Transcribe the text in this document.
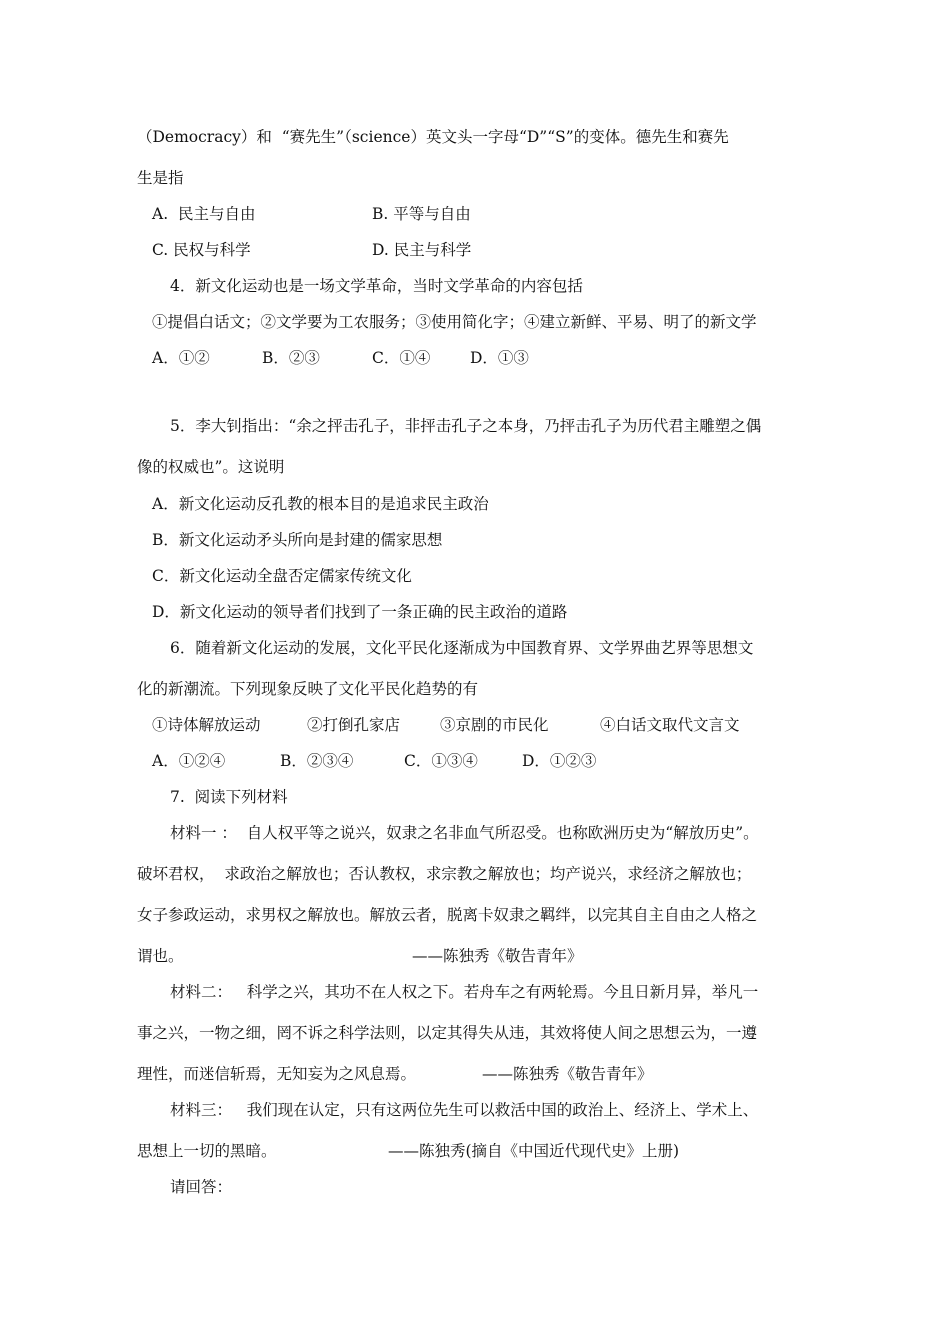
（Democracy）和  “赛先生”（science）英文头一字母“D”“S”的变体。德先生和赛先
生是指
A.  民主与自由	B. 平等与自由
C. 民权与科学	D. 民主与科学
4．新文化运动也是一场文学革命，当时文学革命的内容包括
①提倡白话文；②文学要为工农服务；③使用简化字；④建立新鲜、平易、明了的新文学
A．①②	B．②③	C．①④	D．①③
5．李大钊指出：“余之抨击孔子，非抨击孔子之本身，乃抨击孔子为历代君主雕塑之偶
像的权威也”。这说明
A．新文化运动反孔教的根本目的是追求民主政治
B．新文化运动矛头所向是封建的儒家思想
C．新文化运动全盘否定儒家传统文化
D．新文化运动的领导者们找到了一条正确的民主政治的道路
6．随着新文化运动的发展，文化平民化逐渐成为中国教育界、文学界曲艺界等思想文
化的新潮流。下列现象反映了文化平民化趋势的有
①诗体解放运动	②打倒孔家店	③京剧的市民化	④白话文取代文言文
A．①②④	B．②③④	C．①③④	D．①②③
7.  阅读下列材料
材料一 ：  自人权平等之说兴，奴隶之名非血气所忍受。也称欧洲历史为“解放历史”。
破坏君权，  求政治之解放也；否认教权，求宗教之解放也；均产说兴，求经济之解放也；
女子参政运动，求男权之解放也。解放云者，脱离卡奴隶之羁绊，以完其自主自由之人格之
谓也。	——陈独秀《敬告青年》
材料二：   科学之兴，其功不在人权之下。若舟车之有两轮焉。今且日新月异，举凡一
事之兴，一物之细，罔不诉之科学法则，以定其得失从违，其效将使人间之思想云为，一遵
理性，而迷信斩焉，无知妄为之风息焉。	——陈独秀《敬告青年》
材料三：   我们现在认定，只有这两位先生可以救活中国的政治上、经济上、学术上、
思想上一切的黑暗。	——陈独秀(摘自《中国近代现代史》上册)
请回答：
